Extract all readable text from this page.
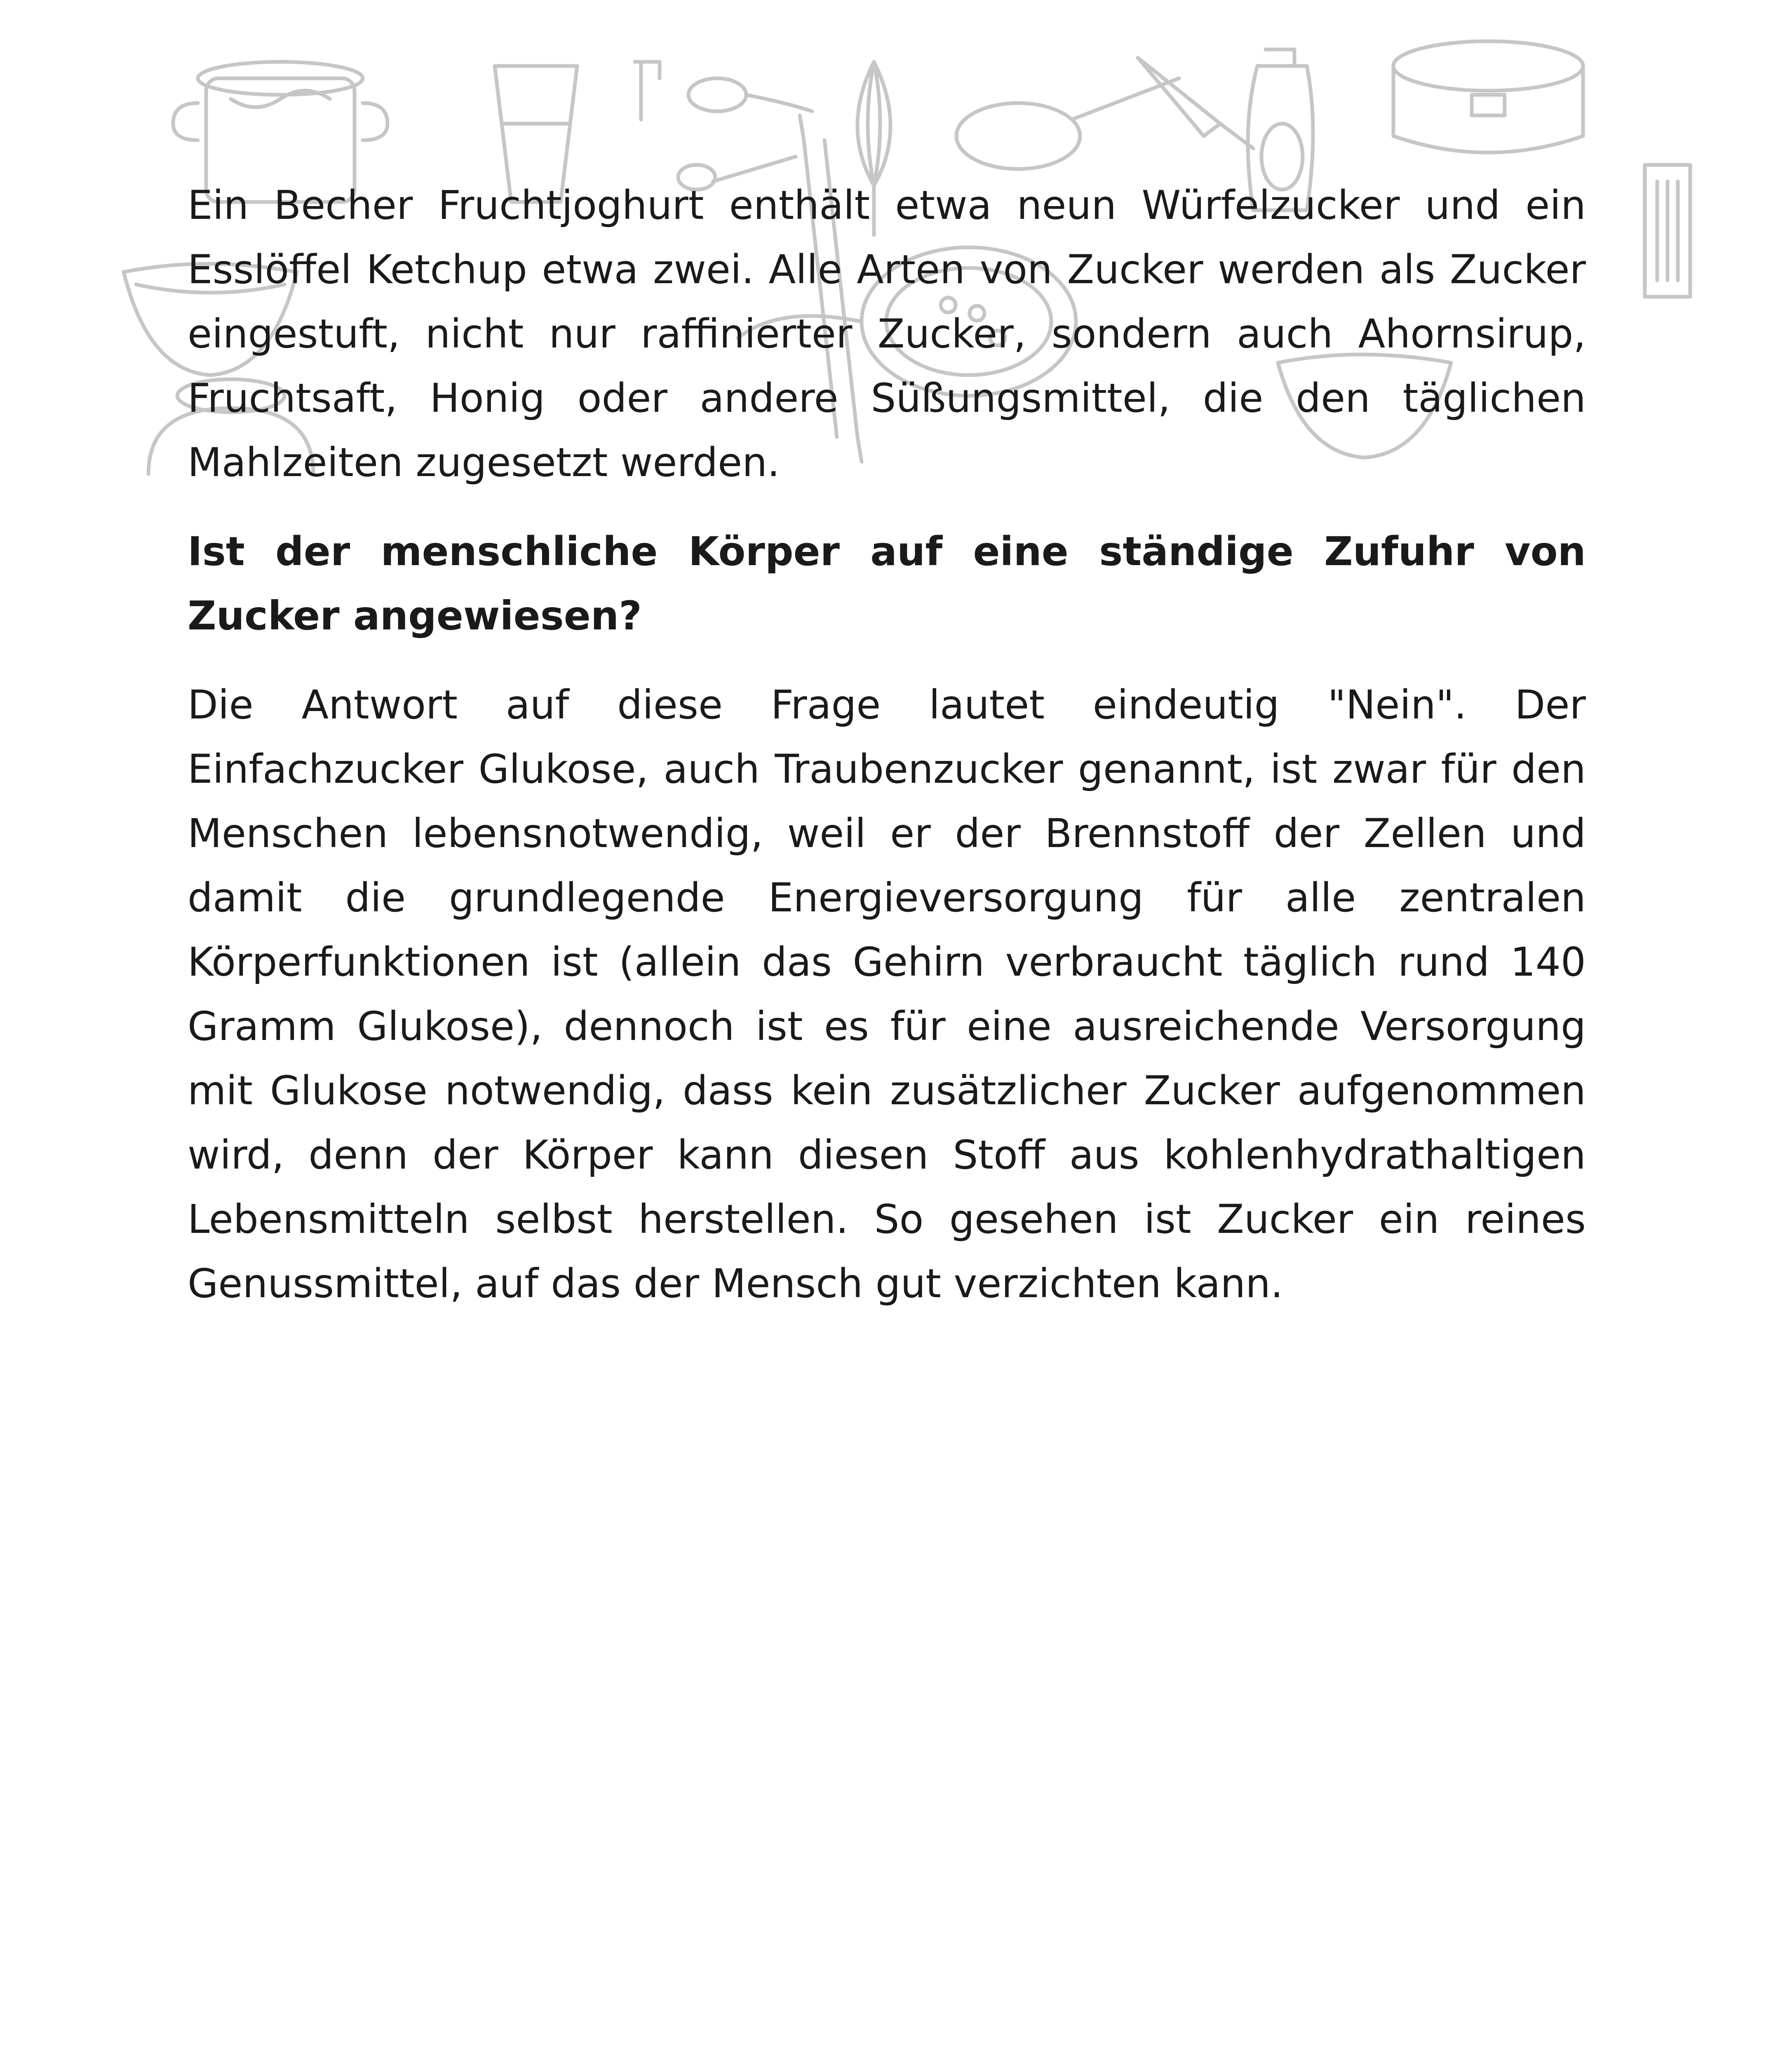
Ein Becher Fruchtjoghurt enthält etwa neun Würfelzucker und ein Esslöffel Ketchup etwa zwei. Alle Arten von Zucker werden als Zucker eingestuft, nicht nur raffinierter Zucker, sondern auch Ahornsirup, Fruchtsaft, Honig oder andere Süßungsmittel, die den täglichen Mahlzeiten zugesetzt werden.

Ist der menschliche Körper auf eine ständige Zufuhr von Zucker angewiesen?

Die Antwort auf diese Frage lautet eindeutig "Nein". Der Einfachzucker Glukose, auch Traubenzucker genannt, ist zwar für den Menschen lebensnotwendig, weil er der Brennstoff der Zellen und damit die grundlegende Energieversorgung für alle zentralen Körperfunktionen ist (allein das Gehirn verbraucht täglich rund 140 Gramm Glukose), dennoch ist es für eine ausreichende Versorgung mit Glukose notwendig, dass kein zusätzlicher Zucker aufgenommen wird, denn der Körper kann diesen Stoff aus kohlenhydrathaltigen Lebensmitteln selbst herstellen. So gesehen ist Zucker ein reines Genussmittel, auf das der Mensch gut verzichten kann.
